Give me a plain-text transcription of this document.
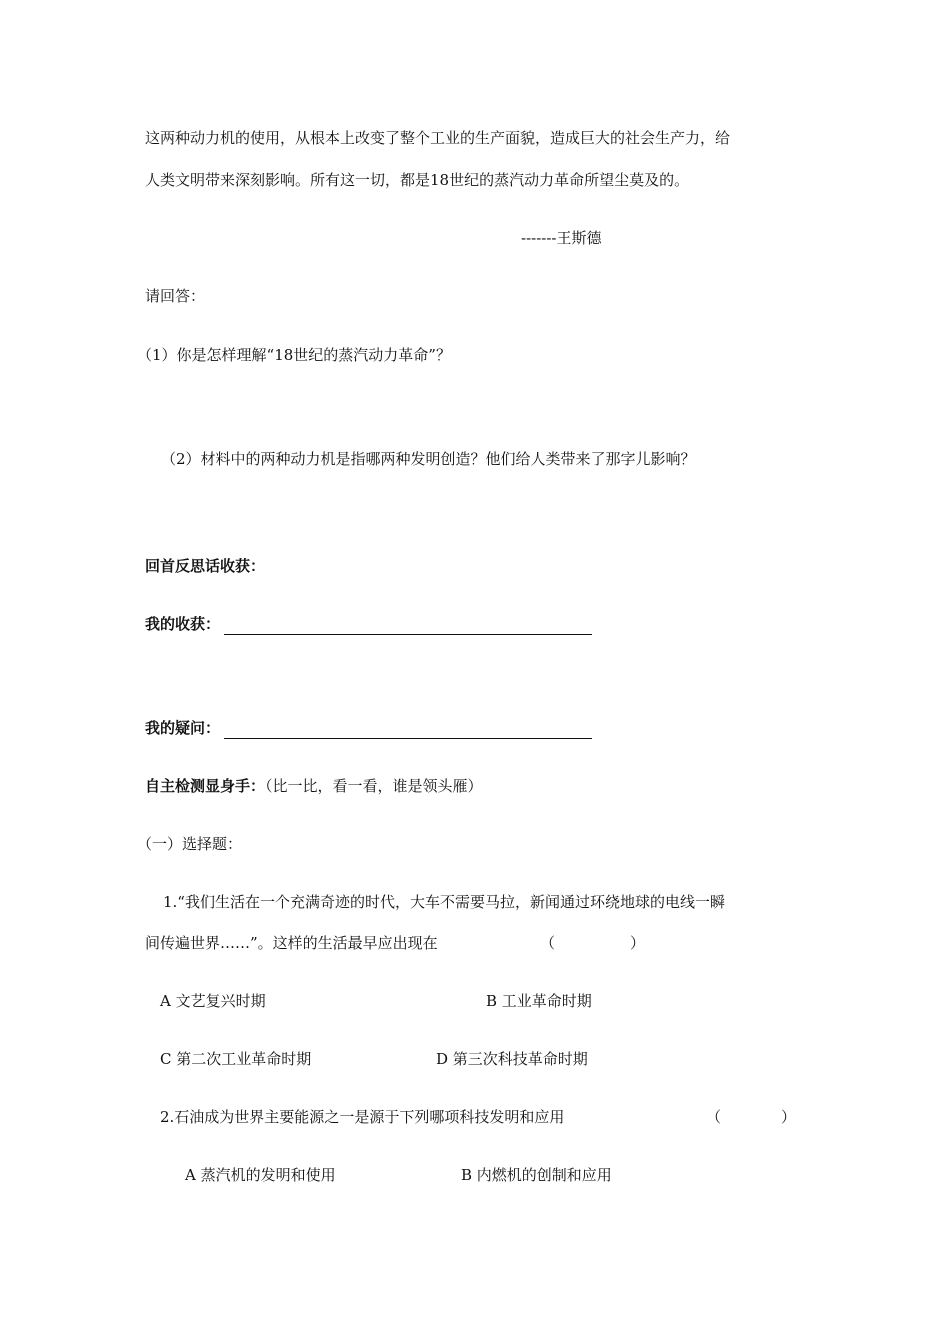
这两种动力机的使用，从根本上改变了整个工业的生产面貌，造成巨大的社会生产力，给
人类文明带来深刻影响。所有这一切，都是18世纪的蒸汽动力革命所望尘莫及的。
-------王斯德
请回答：
（1）你是怎样理解“18世纪的蒸汽动力革命”？
（2）材料中的两种动力机是指哪两种发明创造？他们给人类带来了那字儿影响？
回首反思话收获：
我的收获：
我的疑问：
自主检测显身手：（比一比，看一看，谁是领头雁）
（一）选择题：
1.“我们生活在一个充满奇迹的时代，大车不需要马拉，新闻通过环绕地球的电线一瞬
间传遍世界……”。这样的生活最早应出现在	（　　　　　）
A 文艺复兴时期	B 工业革命时期
C 第二次工业革命时期	D 第三次科技革命时期
2.石油成为世界主要能源之一是源于下列哪项科技发明和应用	（　　　　）
A 蒸汽机的发明和使用	B 内燃机的创制和应用
